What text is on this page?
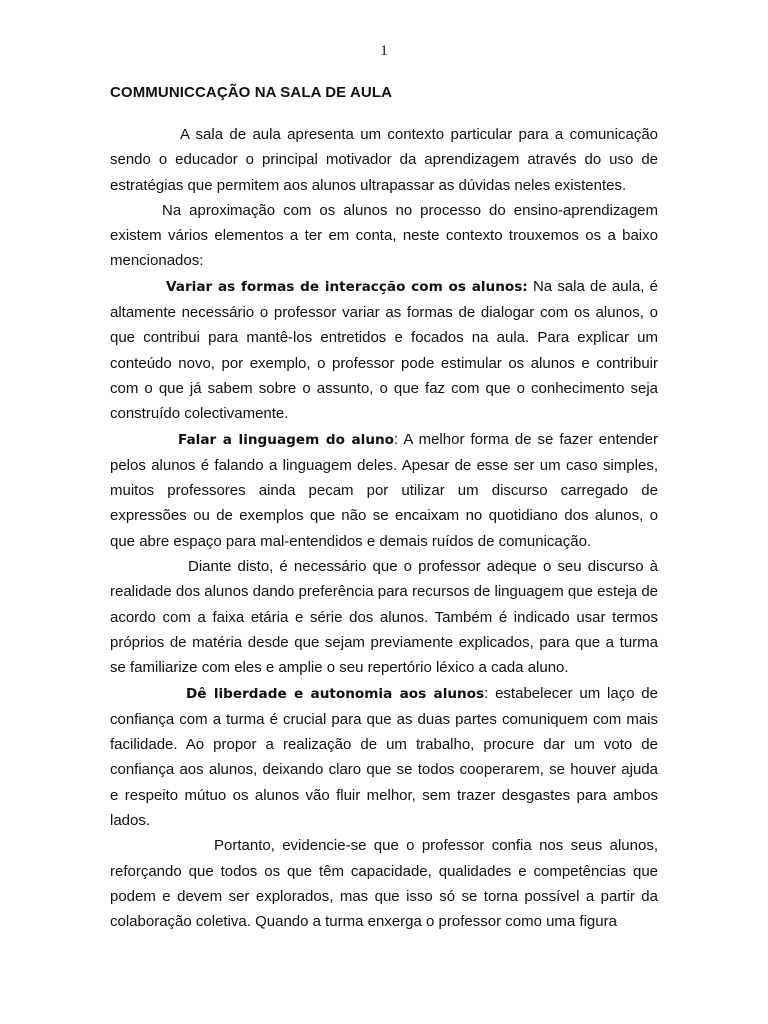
1
COMMUNICCAÇÃO NA SALA DE AULA

A sala de aula apresenta um contexto particular para a comunicação sendo o educador o principal motivador da aprendizagem através do uso de estratégias que permitem aos alunos ultrapassar as dúvidas neles existentes.

Na aproximação com os alunos no processo do ensino-aprendizagem existem vários elementos a ter em conta, neste contexto trouxemos os a baixo mencionados:

Variar as formas de interacção com os alunos: Na sala de aula, é altamente necessário o professor variar as formas de dialogar com os alunos, o que contribui para mantê-los entretidos e focados na aula. Para explicar um conteúdo novo, por exemplo, o professor pode estimular os alunos e contribuir com o que já sabem sobre o assunto, o que faz com que o conhecimento seja construído colectivamente.

Falar a linguagem do aluno: A melhor forma de se fazer entender pelos alunos é falando a linguagem deles. Apesar de esse ser um caso simples, muitos professores ainda pecam por utilizar um discurso carregado de expressões ou de exemplos que não se encaixam no quotidiano dos alunos, o que abre espaço para mal-entendidos e demais ruídos de comunicação.

Diante disto, é necessário que o professor adeque o seu discurso à realidade dos alunos dando preferência para recursos de linguagem que esteja de acordo com a faixa etária e série dos alunos. Também é indicado usar termos próprios de matéria desde que sejam previamente explicados, para que a turma se familiarize com eles e amplie o seu repertório léxico a cada aluno.

Dê liberdade e autonomia aos alunos: estabelecer um laço de confiança com a turma é crucial para que as duas partes comuniquem com mais facilidade. Ao propor a realização de um trabalho, procure dar um voto de confiança aos alunos, deixando claro que se todos cooperarem, se houver ajuda e respeito mútuo os alunos vão fluir melhor, sem trazer desgastes para ambos lados.

Portanto, evidencie-se que o professor confia nos seus alunos, reforçando que todos os que têm capacidade, qualidades e competências que podem e devem ser explorados, mas que isso só se torna possível a partir da colaboração coletiva. Quando a turma enxerga o professor como uma figura
